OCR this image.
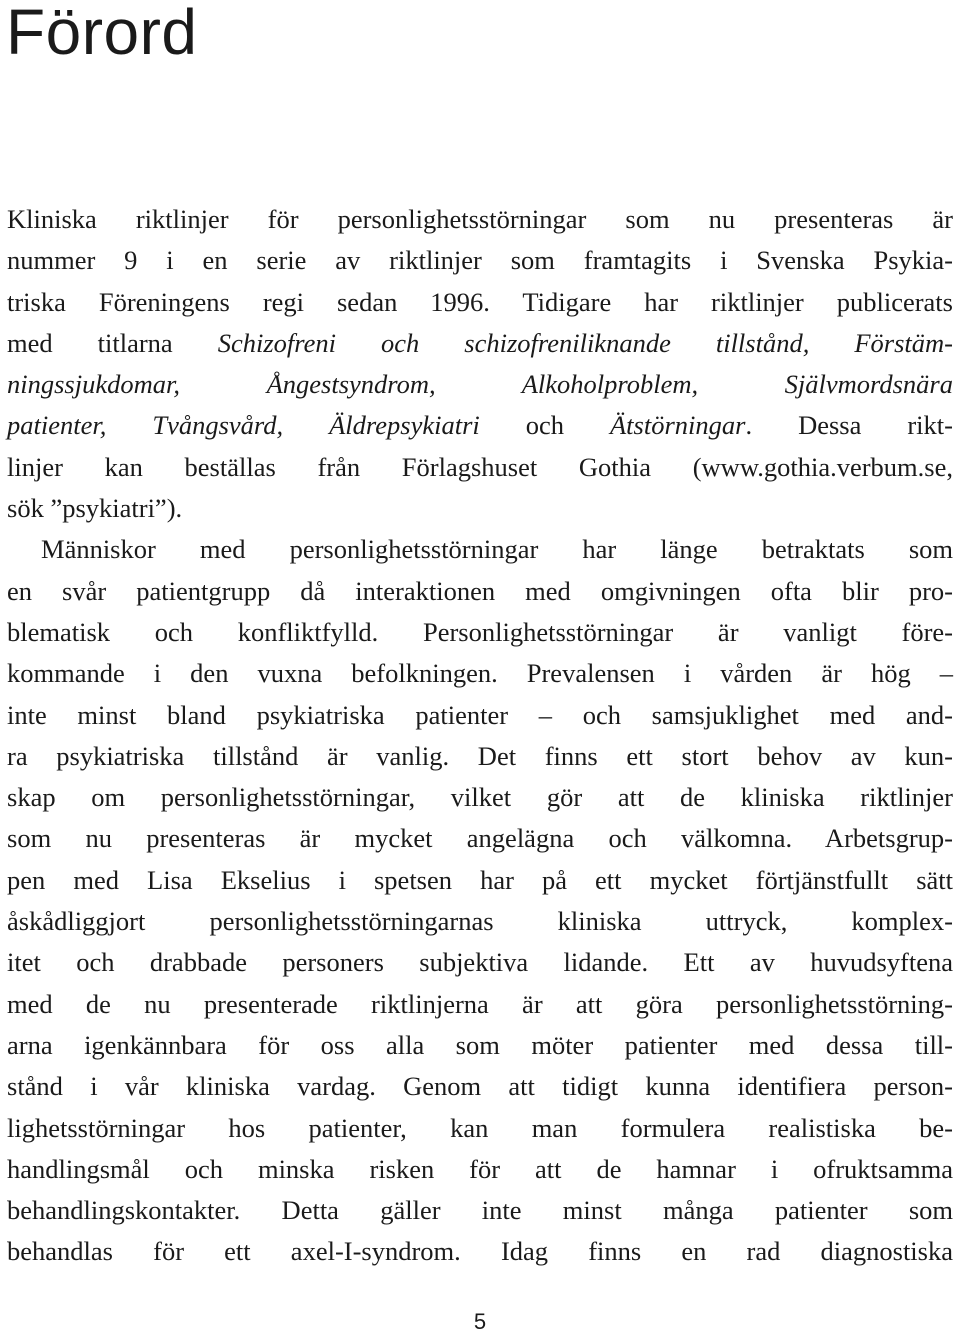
Förord
Kliniska riktlinjer för personlighetsstörningar som nu presenteras är
nummer 9 i en serie av riktlinjer som framtagits i Svenska Psykia-
triska Föreningens regi sedan 1996. Tidigare har riktlinjer publicerats
med titlarna Schizofreni och schizofreniliknande tillstånd, Förstäm-
ningssjukdomar, Ångestsyndrom, Alkoholproblem, Självmordsnära
patienter, Tvångsvård, Äldrepsykiatri och Ätstörningar. Dessa rikt-
linjer kan beställas från Förlagshuset Gothia (www.gothia.verbum.se,
sök ”psykiatri”).
Människor med personlighetsstörningar har länge betraktats som
en svår patientgrupp då interaktionen med omgivningen ofta blir pro-
blematisk och konfliktfylld. Personlighetsstörningar är vanligt före-
kommande i den vuxna befolkningen. Prevalensen i vården är hög –
inte minst bland psykiatriska patienter – och samsjuklighet med and-
ra psykiatriska tillstånd är vanlig. Det finns ett stort behov av kun-
skap om personlighetsstörningar, vilket gör att de kliniska riktlinjer
som nu presenteras är mycket angelägna och välkomna. Arbetsgrup-
pen med Lisa Ekselius i spetsen har på ett mycket förtjänstfullt sätt
åskådliggjort personlighetsstörningarnas kliniska uttryck, komplex-
itet och drabbade personers subjektiva lidande. Ett av huvudsyftena
med de nu presenterade riktlinjerna är att göra personlighetsstörning-
arna igenkännbara för oss alla som möter patienter med dessa till-
stånd i vår kliniska vardag. Genom att tidigt kunna identifiera person-
lighetsstörningar hos patienter, kan man formulera realistiska be-
handlingsmål och minska risken för att de hamnar i ofruktsamma
behandlingskontakter. Detta gäller inte minst många patienter som
behandlas för ett axel-I-syndrom. Idag finns en rad diagnostiska
5
